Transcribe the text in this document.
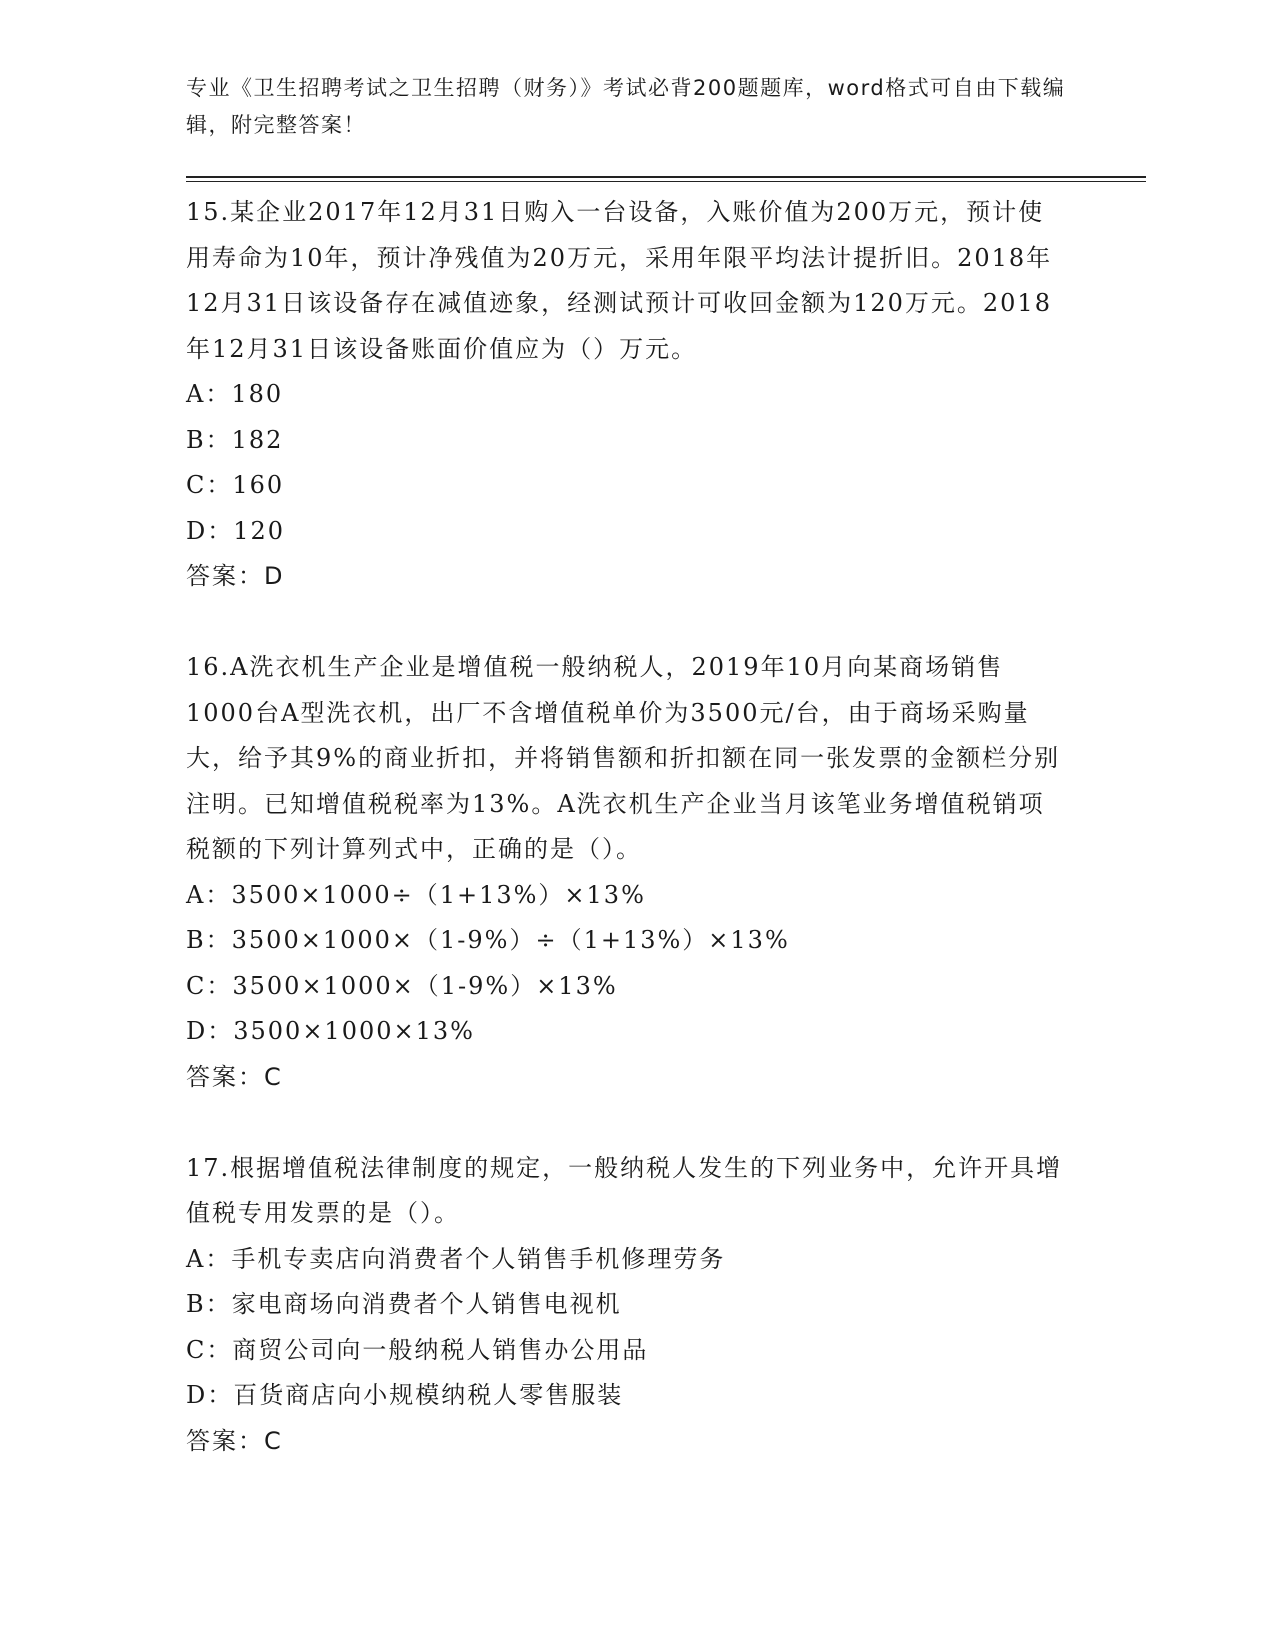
专业《卫生招聘考试之卫生招聘（财务）》考试必背200题题库，word格式可自由下载编辑，附完整答案！

15.某企业2017年12月31日购入一台设备，入账价值为200万元，预计使用寿命为10年，预计净残值为20万元，采用年限平均法计提折旧。2018年12月31日该设备存在减值迹象，经测试预计可收回金额为120万元。2018年12月31日该设备账面价值应为（）万元。

A：180

B：182

C：160

D：120

答案：D

16.A洗衣机生产企业是增值税一般纳税人，2019年10月向某商场销售1000台A型洗衣机，出厂不含增值税单价为3500元/台，由于商场采购量大，给予其9%的商业折扣，并将销售额和折扣额在同一张发票的金额栏分别注明。已知增值税税率为13%。A洗衣机生产企业当月该笔业务增值税销项税额的下列计算列式中，正确的是（）。

A：3500×1000÷（1+13%）×13%

B：3500×1000×（1-9%）÷（1+13%）×13%

C：3500×1000×（1-9%）×13%

D：3500×1000×13%

答案：C

17.根据增值税法律制度的规定，一般纳税人发生的下列业务中，允许开具增值税专用发票的是（）。

A：手机专卖店向消费者个人销售手机修理劳务

B：家电商场向消费者个人销售电视机

C：商贸公司向一般纳税人销售办公用品

D：百货商店向小规模纳税人零售服装

答案：C
